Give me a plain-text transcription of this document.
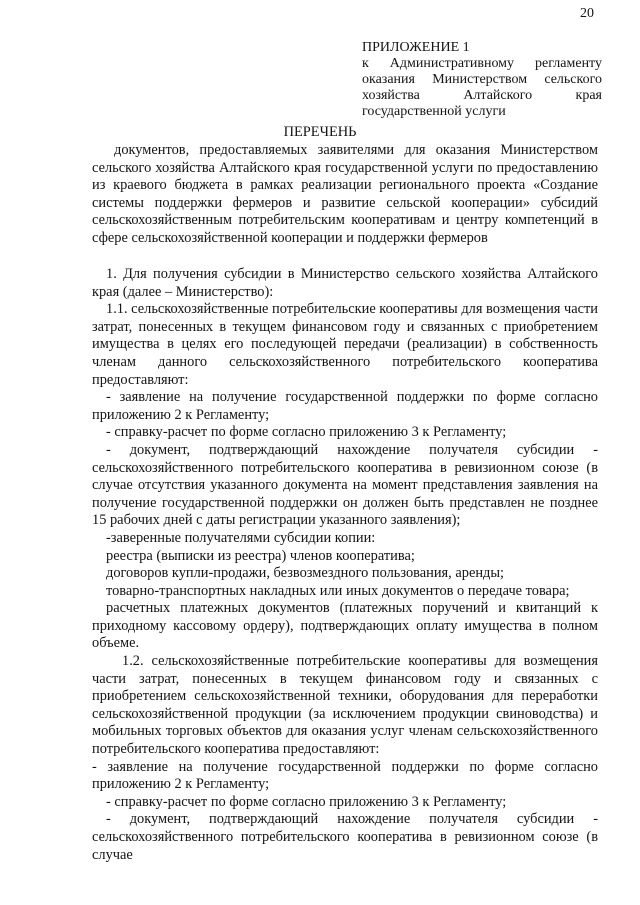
20
ПРИЛОЖЕНИЕ 1
к Административному регламенту оказания Министерством сельского хозяйства Алтайского края государственной услуги
ПЕРЕЧЕНЬ
документов, предоставляемых заявителями для оказания Министерством сельского хозяйства Алтайского края государственной услуги по предоставлению из краевого бюджета в рамках реализации регионального проекта «Создание системы поддержки фермеров и развитие сельской кооперации» субсидий сельскохозяйственным потребительским кооперативам и центру компетенций в сфере сельскохозяйственной кооперации и поддержки фермеров

1. Для получения субсидии в Министерство сельского хозяйства Алтайского края (далее – Министерство):

1.1. сельскохозяйственные потребительские кооперативы для возмещения части затрат, понесенных в текущем финансовом году и связанных с приобретением имущества в целях его последующей передачи (реализации) в собственность членам данного сельскохозяйственного потребительского кооператива предоставляют:

- заявление на получение государственной поддержки по форме согласно приложению 2 к Регламенту;

- справку-расчет по форме согласно приложению 3 к Регламенту;

- документ, подтверждающий нахождение получателя субсидии - сельскохозяйственного потребительского кооператива в ревизионном союзе (в случае отсутствия указанного документа на момент представления заявления на получение государственной поддержки он должен быть представлен не позднее 15 рабочих дней с даты регистрации указанного заявления);

-заверенные получателями субсидии копии:

реестра (выписки из реестра) членов кооператива;

договоров купли-продажи, безвозмездного пользования, аренды;

товарно-транспортных накладных или иных документов о передаче товара;

расчетных платежных документов (платежных поручений и квитанций к приходному кассовому ордеру), подтверждающих оплату имущества в полном объеме.

1.2. сельскохозяйственные потребительские кооперативы для возмещения части затрат, понесенных в текущем финансовом году и связанных с приобретением сельскохозяйственной техники, оборудования для переработки сельскохозяйственной продукции (за исключением продукции свиноводства) и мобильных торговых объектов для оказания услуг членам сельскохозяйственного потребительского кооператива предоставляют:

- заявление на получение государственной поддержки по форме согласно приложению 2 к Регламенту;

- справку-расчет по форме согласно приложению 3 к Регламенту;

- документ, подтверждающий нахождение получателя субсидии - сельскохозяйственного потребительского кооператива в ревизионном союзе (в случае
